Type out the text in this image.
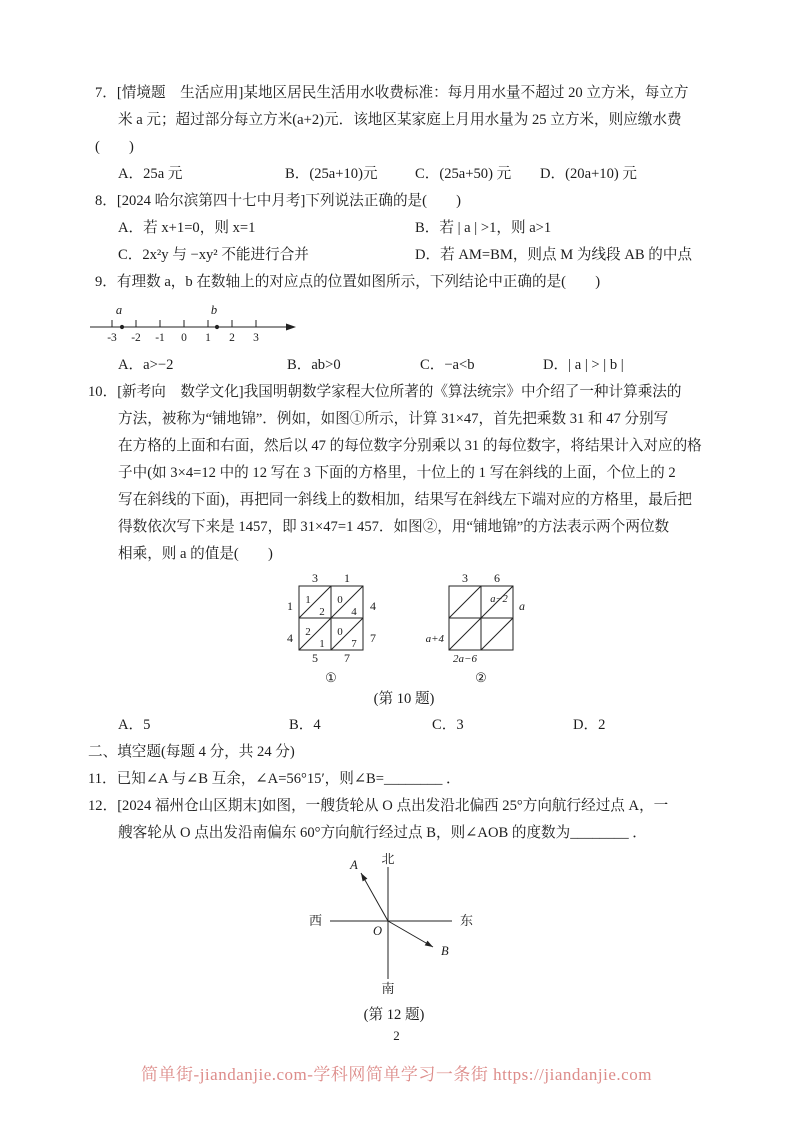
7．[情境题　生活应用]某地区居民生活用水收费标准：每月用水量不超过 20 立方米，每立方

米 a 元；超过部分每立方米(a+2)元．该地区某家庭上月用水量为 25 立方米，则应缴水费

(　　)

A．25a 元	B．(25a+10)元	C．(25a+50) 元	D．(20a+10) 元

8．[2024 哈尔滨第四十七中月考]下列说法正确的是(　　)

A．若 x+1=0，则 x=1	B．若 | a | >1，则 a>1
C．2x²y 与 −xy² 不能进行合并	D．若 AM=BM，则点 M 为线段 AB 的中点

9．有理数 a，b 在数轴上的对应点的位置如图所示，下列结论中正确的是(　　)

a	b
-3 -2 -1 0 1 2 3
A．a>−2	B．ab>0	C．−a<b	D．| a | > | b |

10．[新考向　数学文化]我国明朝数学家程大位所著的《算法统宗》中介绍了一种计算乘法的

方法，被称为“铺地锦”．例如，如图①所示，计算 31×47，首先把乘数 31 和 47 分别写

在方格的上面和右面，然后以 47 的每位数字分别乘以 31 的每位数字，将结果计入对应的格

子中(如 3×4=12 中的 12 写在 3 下面的方格里，十位上的 1 写在斜线的上面，个位上的 2

写在斜线的下面)，再把同一斜线上的数相加，结果写在斜线左下端对应的方格里，最后把

得数依次写下来是 1457，即 31×47=1 457．如图②，用“铺地锦”的方法表示两个两位数

相乘，则 a 的值是(　　)

3 1
4
7
1
4
5 7
1
2
0
4
2
1
0
7
①
3 6
a−2 a
a+4
2a−6
②
(第 10 题)
A．5	B．4	C．3	D．2

二、填空题(每题 4 分，共 24 分)

11．已知∠A 与∠B 互余，∠A=56°15′，则∠B=________ ．

12．[2024 福州仓山区期末]如图，一艘货轮从 O 点出发沿北偏西 25°方向航行经过点 A，一

艘客轮从 O 点出发沿南偏东 60°方向航行经过点 B，则∠AOB 的度数为________ ．

北
南
西	东
A
B
O
(第 12 题)
2
简单街-jiandanjie.com-学科网简单学习一条街 https://jiandanjie.com
